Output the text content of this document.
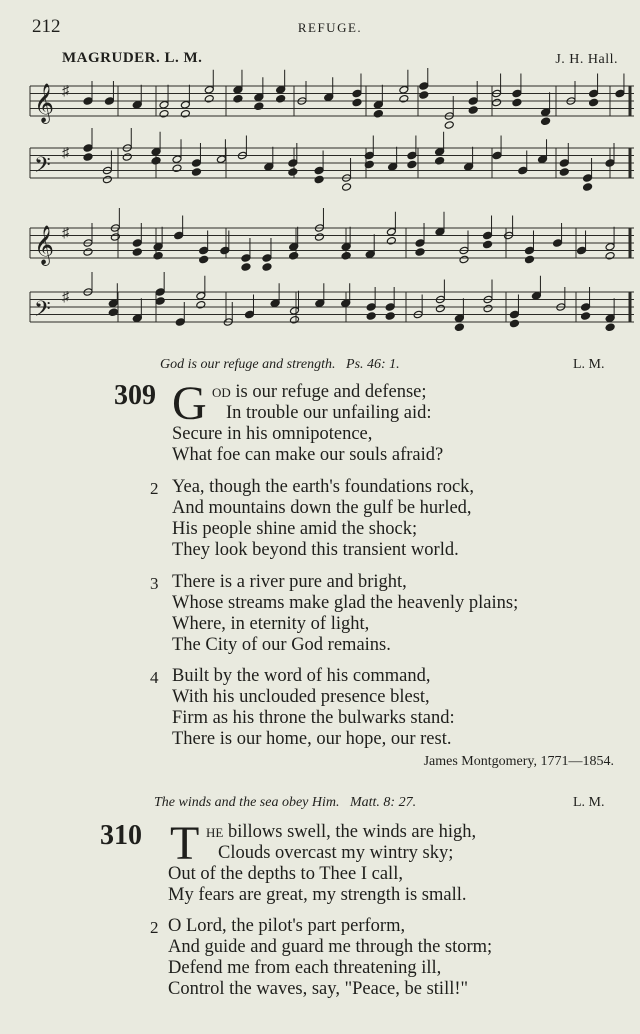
212	REFUGE.
MAGRUDER. L. M.	J. H. Hall.
𝄞 ♯
𝄢 ♯
𝄞 ♯
𝄢 ♯
God is our refuge and strength. Ps. 46: 1.	L. M.
309 G od is our refuge and defense;
In trouble our unfailing aid:
Secure in his omnipotence,
What foe can make our souls afraid?
2 Yea, though the earth's foundations rock,
And mountains down the gulf be hurled,
His people shine amid the shock;
They look beyond this transient world.
3 There is a river pure and bright,
Whose streams make glad the heavenly plains;
Where, in eternity of light,
The City of our God remains.
4 Built by the word of his command,
With his unclouded presence blest,
Firm as his throne the bulwarks stand:
There is our home, our hope, our rest.
James Montgomery, 1771—1854.
The winds and the sea obey Him. Matt. 8: 27.	L. M.
310 T he billows swell, the winds are high,
Clouds overcast my wintry sky;
Out of the depths to Thee I call,
My fears are great, my strength is small.
2 O Lord, the pilot's part perform,
And guide and guard me through the storm;
Defend me from each threatening ill,
Control the waves, say, "Peace, be still!"
